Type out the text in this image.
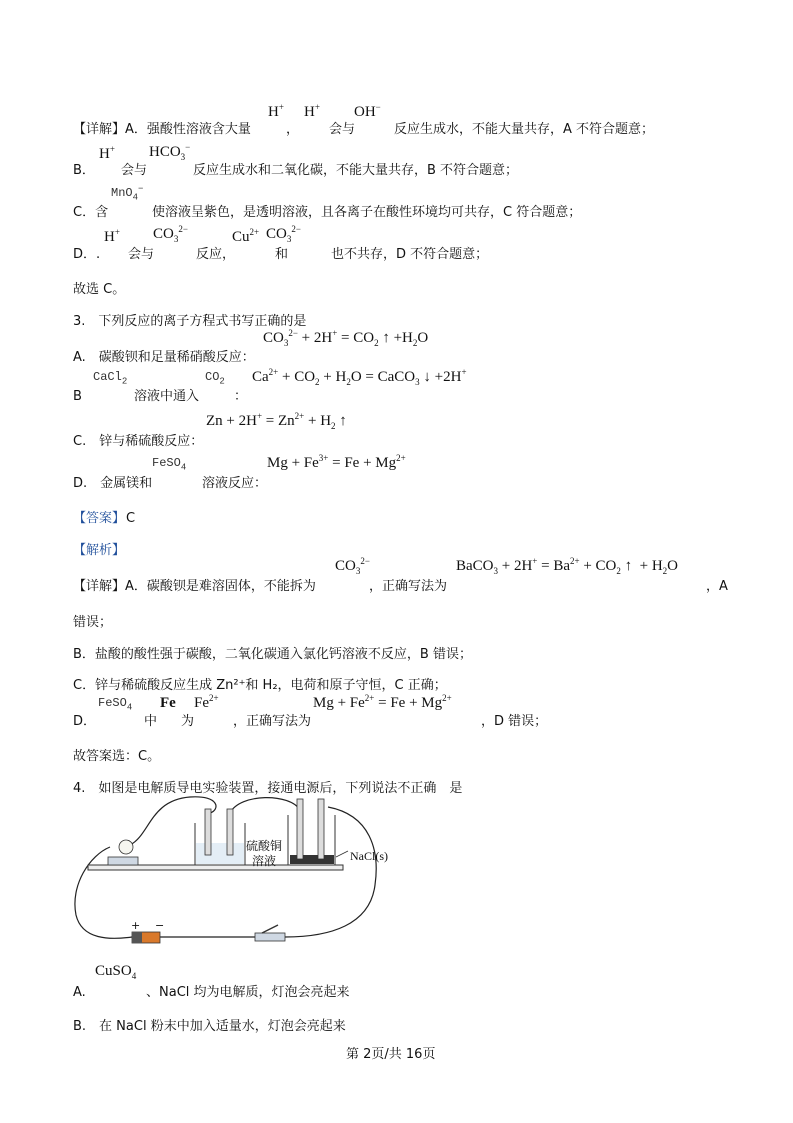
H+ H+ OH−
【详解】A．强酸性溶液含大量	， 会与	反应生成水，不能大量共存，A 不符合题意；
H+ $HCO_3^-$
B． 会与	反应生成水和二氧化碳，不能大量共存，B 不符合题意；
MnO$_4$−
C．含	使溶液呈紫色，是透明溶液，且各离子在酸性环境均可共存，C 符合题意；
H+ $CO_3^{2-}$	$Cu^{2+}$ $CO_3^{2-}$
D．. 会与	反应，	和	也不共存，D 不符合题意；
故选 C。
3.　下列反应的离子方程式书写正确的是
$CO_3^{2-} + 2H^+ = CO_2$ ↑ $+H_2O$
A.　碳酸钡和足量稀硝酸反应：
CaCl$_2$	$CO_2$ $Ca^{2+} + CO_2 + H_2O$ = CaCO$_3$ ↓ +2H+
B	溶液中通入	：
$Zn + 2H^+ = Zn^{2+} + H_2$ ↑
C.　锌与稀硫酸反应：
FeSO$_4$	$Mg + Fe^{3+} = Fe + Mg^{2+}$
D.　金属镁和	溶液反应：
【答案】 C
【解析】
$CO_3^{2-}$	BaCO$_3$ + $2H^+ = Ba^{2+} + CO_2$ ↑  + $H_2O$
【详解】A．碳酸钡是难溶固体，不能拆为	，正确写法为	，A
错误；
B．盐酸的酸性强于碳酸，二氧化碳通入氯化钙溶液不反应，B 错误；
C．锌与稀硫酸反应生成 Zn²⁺和 H₂，电荷和原子守恒，C 正确；
FeSO$_4$ Fe $Fe^{2+}$	$Mg + Fe^{2+} = Fe + Mg^{2+}$
D．	中 为	，正确写法为	，D 错误；
故答案选：C。
4.　如图是电解质导电实验装置，接通电源后，下列说法不正确　是
硫酸铜
溶液	NaCl(s)
+ −
CuSO$_4$
A.	、NaCl 均为电解质，灯泡会亮起来
B.　在 NaCl 粉末中加入适量水，灯泡会亮起来
第 2页/共 16页
